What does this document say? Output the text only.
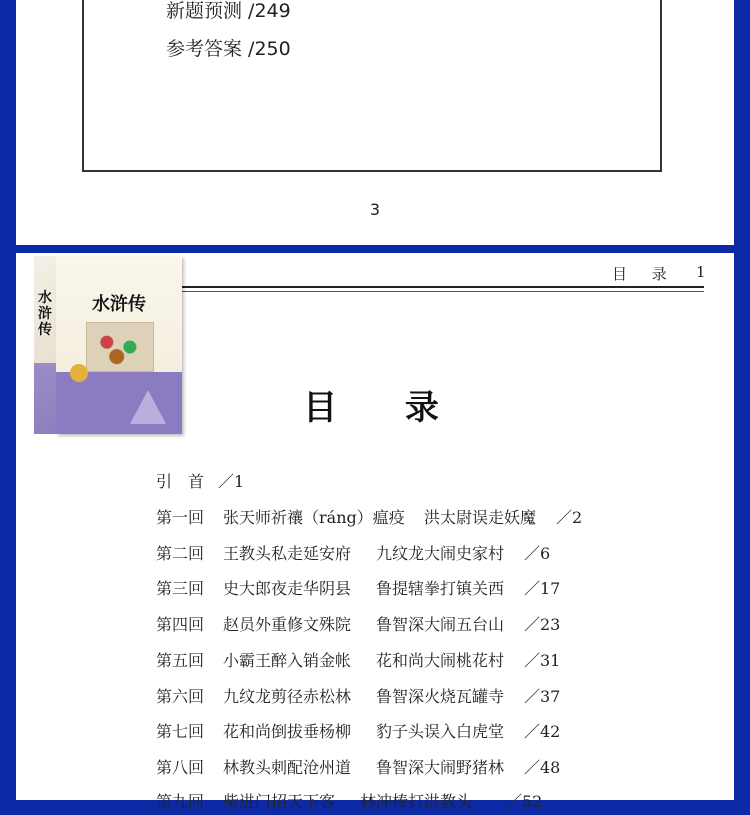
新题预测 /249
参考答案 /250
3
目 录 1
目 录
引　首 ／1
第一回 张天师祈禳（ráng）瘟疫 洪太尉误走妖魔 ／2
第二回 王教头私走延安府 九纹龙大闹史家村 ／6
第三回 史大郎夜走华阴县 鲁提辖拳打镇关西 ／17
第四回 赵员外重修文殊院 鲁智深大闹五台山 ／23
第五回 小霸王醉入销金帐 花和尚大闹桃花村 ／31
第六回 九纹龙剪径赤松林 鲁智深火烧瓦罐寺 ／37
第七回 花和尚倒拔垂杨柳 豹子头误入白虎堂 ／42
第八回 林教头刺配沧州道 鲁智深大闹野猪林 ／48
第九回 柴进门招天下客 林冲棒打洪教头 ／52
水浒传
水浒传
